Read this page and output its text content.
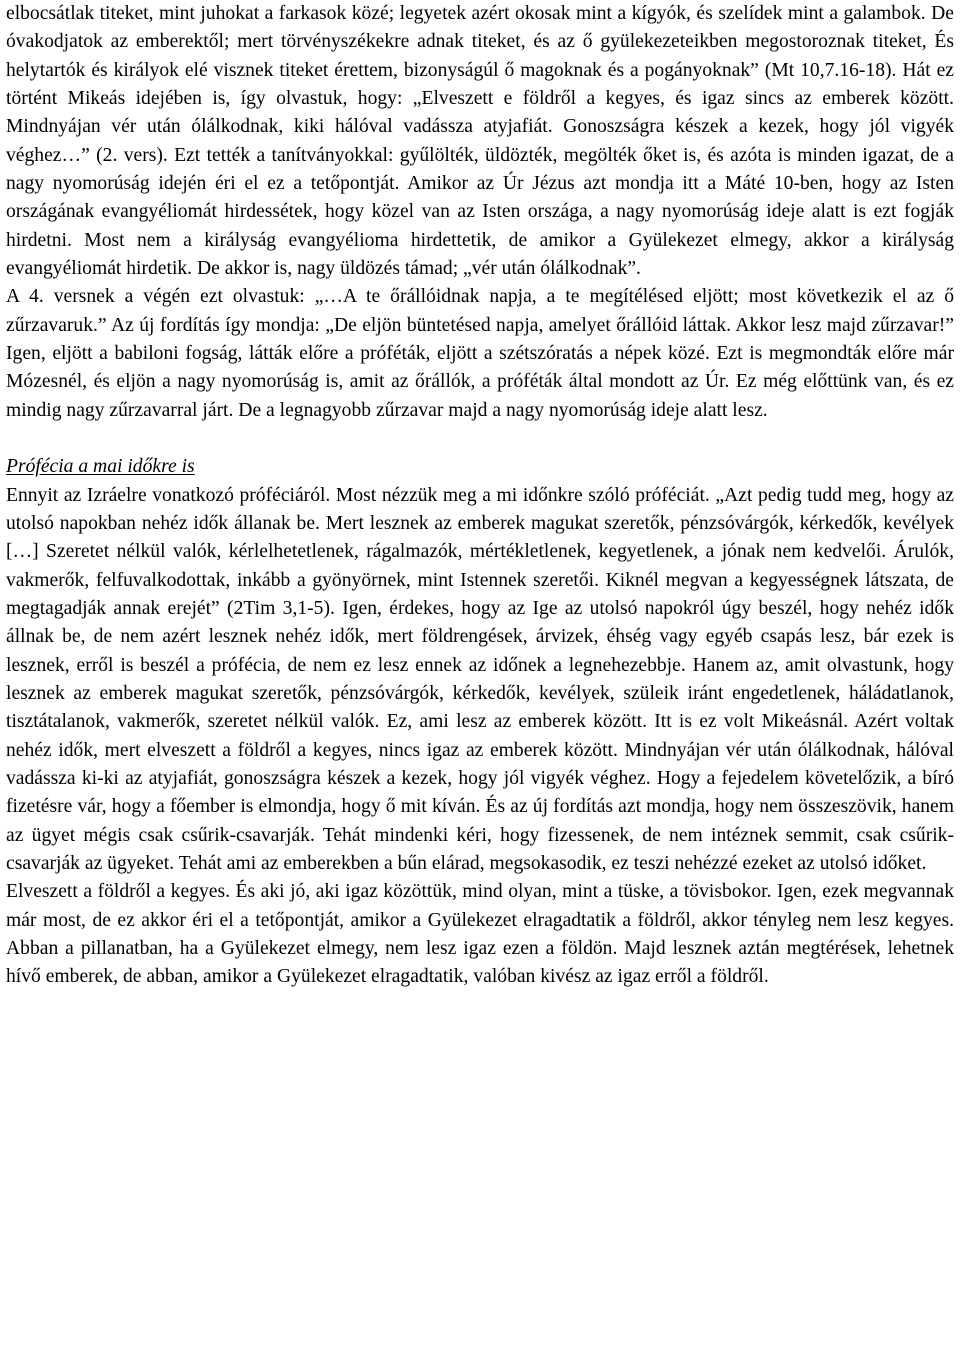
elbocsátlak titeket, mint juhokat a farkasok közé; legyetek azért okosak mint a kígyók, és szelídek mint a galambok. De óvakodjatok az emberektől; mert törvényszékekre adnak titeket, és az ő gyülekezeteikben megostoroznak titeket, És helytartók és királyok elé visznek titeket érettem, bizonyságúl ő magoknak és a pogányoknak” (Mt 10,7.16-18). Hát ez történt Mikeás idejében is, így olvastuk, hogy: „Elveszett e földről a kegyes, és igaz sincs az emberek között. Mindnyájan vér után ólálkodnak, kiki hálóval vadássza atyjafiát. Gonoszságra készek a kezek, hogy jól vigyék véghez…” (2. vers). Ezt tették a tanítványokkal: gyűlölték, üldözték, megölték őket is, és azóta is minden igazat, de a nagy nyomorúság idején éri el ez a tetőpontját. Amikor az Úr Jézus azt mondja itt a Máté 10-ben, hogy az Isten országának evangyéliomát hirdessétek, hogy közel van az Isten országa, a nagy nyomorúság ideje alatt is ezt fogják hirdetni. Most nem a királyság evangyélioma hirdettetik, de amikor a Gyülekezet elmegy, akkor a királyság evangyéliomát hirdetik. De akkor is, nagy üldözés támad; „vér után ólálkodnak”.

A 4. versnek a végén ezt olvastuk: „…A te őrállóidnak napja, a te megítélésed eljött; most következik el az ő zűrzavaruk.” Az új fordítás így mondja: „De eljön büntetésed napja, amelyet őrállóid láttak. Akkor lesz majd zűrzavar!” Igen, eljött a babiloni fogság, látták előre a próféták, eljött a szétszóratás a népek közé. Ezt is megmondták előre már Mózesnél, és eljön a nagy nyomorúság is, amit az őrállók, a próféták által mondott az Úr. Ez még előttünk van, és ez mindig nagy zűrzavarral járt. De a legnagyobb zűrzavar majd a nagy nyomorúság ideje alatt lesz.

Prófécia a mai időkre is

Ennyit az Izráelre vonatkozó próféciáról. Most nézzük meg a mi időnkre szóló próféciát. „Azt pedig tudd meg, hogy az utolsó napokban nehéz idők állanak be. Mert lesznek az emberek magukat szeretők, pénzsóvárgók, kérkedők, kevélyek […] Szeretet nélkül valók, kérlelhetetlenek, rágalmazók, mértékletlenek, kegyetlenek, a jónak nem kedvelői. Árulók, vakmerők, felfuvalkodottak, inkább a gyönyörnek, mint Istennek szeretői. Kiknél megvan a kegyességnek látszata, de megtagadják annak erejét” (2Tim 3,1-5). Igen, érdekes, hogy az Ige az utolsó napokról úgy beszél, hogy nehéz idők állnak be, de nem azért lesznek nehéz idők, mert földrengések, árvizek, éhség vagy egyéb csapás lesz, bár ezek is lesznek, erről is beszél a prófécia, de nem ez lesz ennek az időnek a legnehezebbje. Hanem az, amit olvastunk, hogy lesznek az emberek magukat szeretők, pénzsóvárgók, kérkedők, kevélyek, szüleik iránt engedetlenek, háládatlanok, tisztátalanok, vakmerők, szeretet nélkül valók. Ez, ami lesz az emberek között. Itt is ez volt Mikeásnál. Azért voltak nehéz idők, mert elveszett a földről a kegyes, nincs igaz az emberek között. Mindnyájan vér után ólálkodnak, hálóval vadássza ki-ki az atyjafiát, gonoszságra készek a kezek, hogy jól vigyék véghez. Hogy a fejedelem követelőzik, a bíró fizetésre vár, hogy a főember is elmondja, hogy ő mit kíván. És az új fordítás azt mondja, hogy nem összeszövik, hanem az ügyet mégis csak csűrik-csavarják. Tehát mindenki kéri, hogy fizessenek, de nem intéznek semmit, csak csűrik-csavarják az ügyeket. Tehát ami az emberekben a bűn elárad, megsokasodik, ez teszi nehézzé ezeket az utolsó időket.

Elveszett a földről a kegyes. És aki jó, aki igaz közöttük, mind olyan, mint a tüske, a tövisbokor. Igen, ezek megvannak már most, de ez akkor éri el a tetőpontját, amikor a Gyülekezet elragadtatik a földről, akkor tényleg nem lesz kegyes. Abban a pillanatban, ha a Gyülekezet elmegy, nem lesz igaz ezen a földön. Majd lesznek aztán megtérések, lehetnek hívő emberek, de abban, amikor a Gyülekezet elragadtatik, valóban kivész az igaz erről a földről.
